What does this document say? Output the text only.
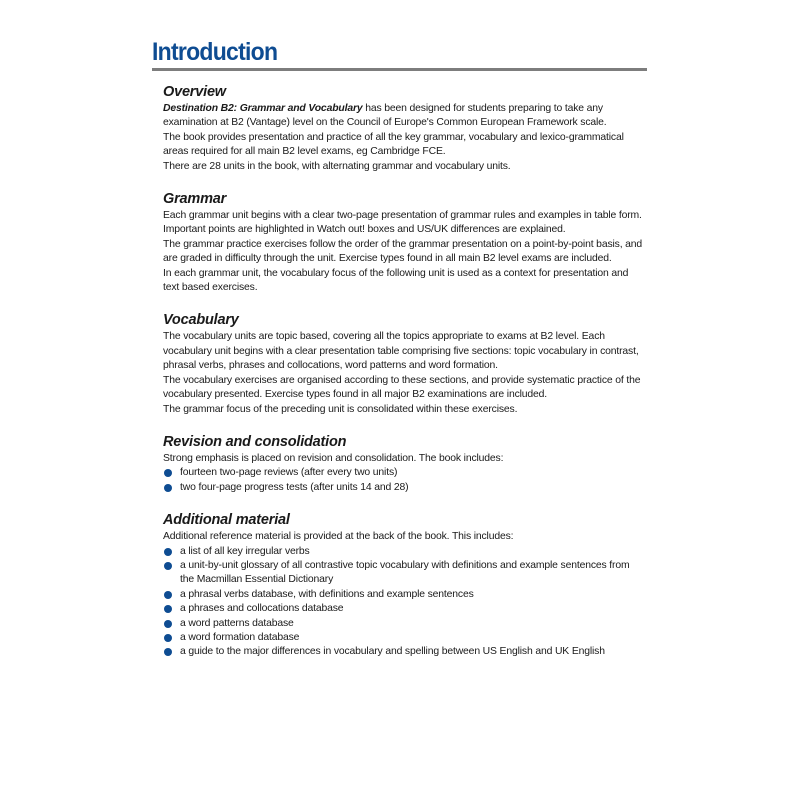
Introduction
Overview

Destination B2: Grammar and Vocabulary has been designed for students preparing to take any

examination at B2 (Vantage) level on the Council of Europe's Common European Framework scale.

The book provides presentation and practice of all the key grammar, vocabulary and lexico-grammatical

areas required for all main B2 level exams, eg Cambridge FCE.

There are 28 units in the book, with alternating grammar and vocabulary units.

Grammar

Each grammar unit begins with a clear two-page presentation of grammar rules and examples in table form.

Important points are highlighted in Watch out! boxes and US/UK differences are explained.

The grammar practice exercises follow the order of the grammar presentation on a point-by-point basis, and

are graded in difficulty through the unit. Exercise types found in all main B2 level exams are included.

In each grammar unit, the vocabulary focus of the following unit is used as a context for presentation and

text based exercises.

Vocabulary

The vocabulary units are topic based, covering all the topics appropriate to exams at B2 level. Each

vocabulary unit begins with a clear presentation table comprising five sections: topic vocabulary in contrast,

phrasal verbs, phrases and collocations, word patterns and word formation.

The vocabulary exercises are organised according to these sections, and provide systematic practice of the

vocabulary presented. Exercise types found in all major B2 examinations are included.

The grammar focus of the preceding unit is consolidated within these exercises.

Revision and consolidation

Strong emphasis is placed on revision and consolidation. The book includes:

fourteen two-page reviews (after every two units)
two four-page progress tests (after units 14 and 28)
Additional material

Additional reference material is provided at the back of the book. This includes:

a list of all key irregular verbs
a unit-by-unit glossary of all contrastive topic vocabulary with definitions and example sentences from
the Macmillan Essential Dictionary
a phrasal verbs database, with definitions and example sentences
a phrases and collocations database
a word patterns database
a word formation database
a guide to the major differences in vocabulary and spelling between US English and UK English
